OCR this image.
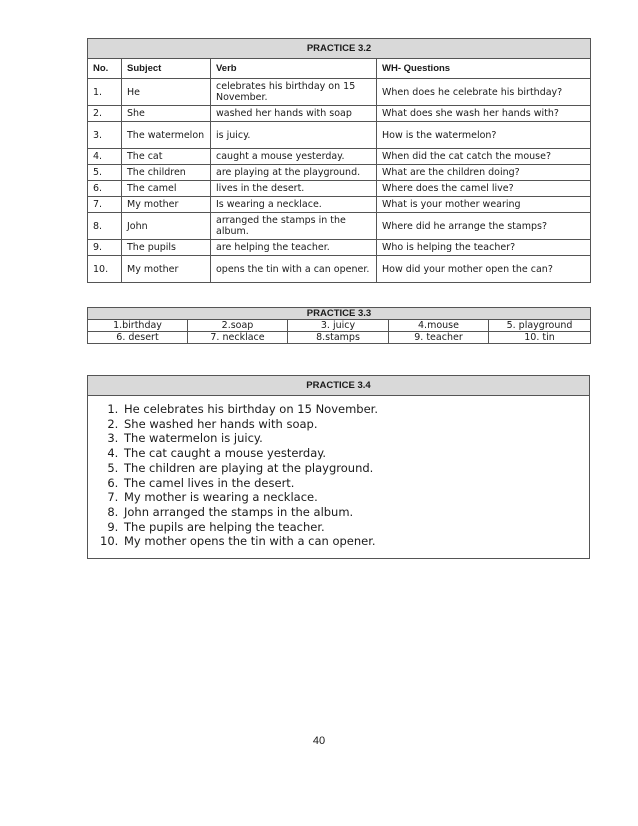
PRACTICE 3.2			
No.	Subject	Verb	WH- Questions
1.	He	celebrates his birthday on 15 November.	When does he celebrate his birthday?
2.	She	washed her hands with soap	What does she wash her hands with?
3.	The watermelon	is juicy.	How is the watermelon?
4.	The cat	caught a mouse yesterday.	When did the cat catch the mouse?
5.	The children	are playing at the playground.	What are the children doing?
6.	The camel	lives in the desert.	Where does the camel live?
7.	My mother	Is wearing a necklace.	What is your mother wearing
8.	John	arranged the stamps in the album.	Where did he arrange the stamps?
9.	The pupils	are helping the teacher.	Who is helping the teacher?
10.	My mother	opens the tin with a can opener.	How did your mother open the can?
PRACTICE 3.3				
1.birthday	2.soap	3. juicy	4.mouse	5. playground
6. desert	7. necklace	8.stamps	9. teacher	10. tin
PRACTICE 3.4

1. He celebrates his birthday on 15 November.
2. She washed her hands with soap.
3. The watermelon is juicy.
4. The cat caught a mouse yesterday.
5. The children are playing at the playground.
6. The camel lives in the desert.
7. My mother is wearing a necklace.
8. John arranged the stamps in the album.
9. The pupils are helping the teacher.
10. My mother opens the tin with a can opener.
40
